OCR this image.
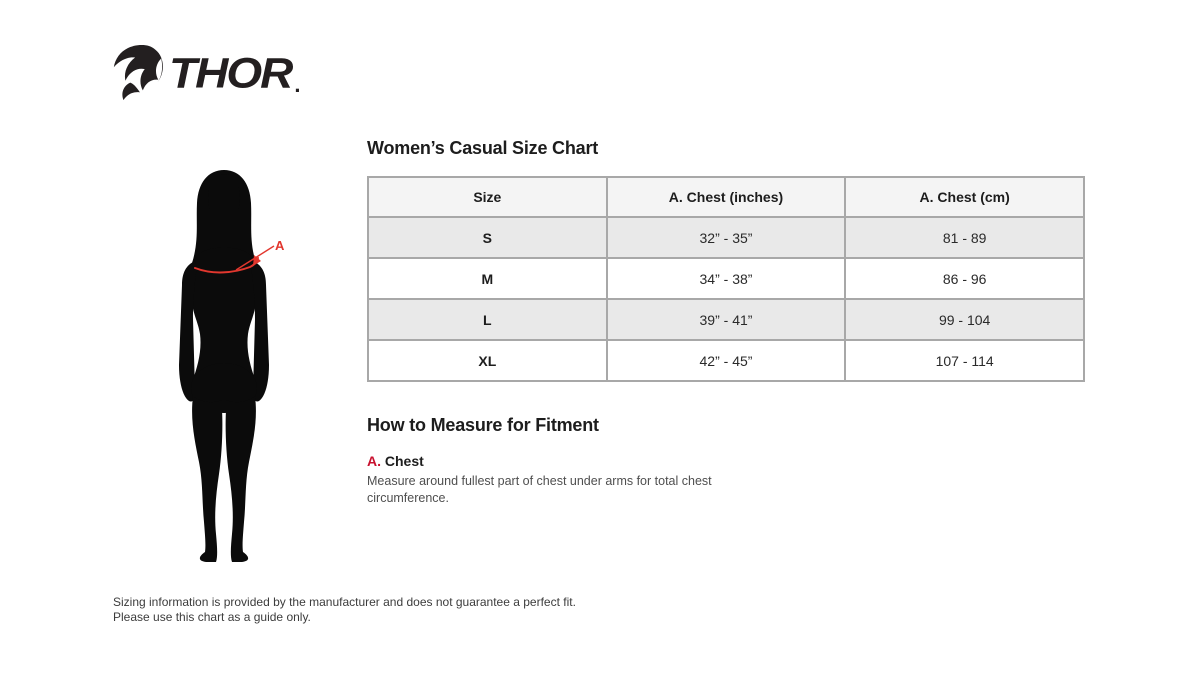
THOR .
A
Women’s Casual Size Chart
Size	A. Chest (inches)	A. Chest (cm)
S	32” - 35”	81 - 89
M	34” - 38”	86 - 96
L	39” - 41”	99 - 104
XL	42” - 45”	107 - 114
How to Measure for Fitment
A. Chest
Measure around fullest part of chest under arms for total chest circumference.
Sizing information is provided by the manufacturer and does not guarantee a perfect fit.
Please use this chart as a guide only.
